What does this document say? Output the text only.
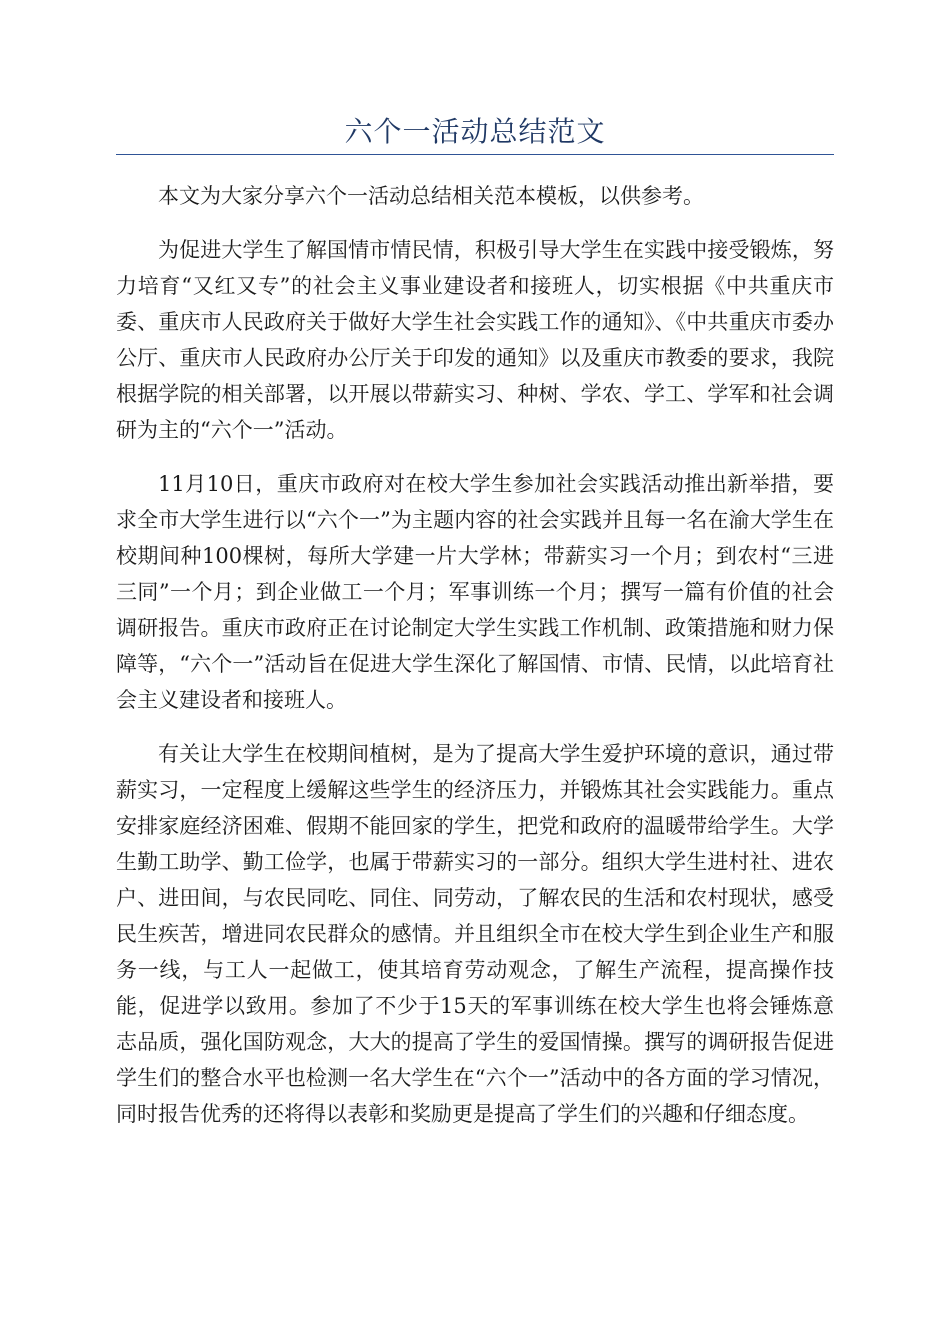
六个一活动总结范文

本文为大家分享六个一活动总结相关范本模板，以供参考。

为促进大学生了解国情市情民情，积极引导大学生在实践中接受锻炼，努力培育“又红又专”的社会主义事业建设者和接班人，切实根据《中共重庆市委、重庆市人民政府关于做好大学生社会实践工作的通知》、《中共重庆市委办公厅、重庆市人民政府办公厅关于印发的通知》以及重庆市教委的要求，我院根据学院的相关部署，以开展以带薪实习、种树、学农、学工、学军和社会调研为主的“六个一”活动。

11月10日，重庆市政府对在校大学生参加社会实践活动推出新举措，要求全市大学生进行以“六个一”为主题内容的社会实践并且每一名在渝大学生在校期间种100棵树，每所大学建一片大学林；带薪实习一个月；到农村“三进三同”一个月；到企业做工一个月；军事训练一个月；撰写一篇有价值的社会调研报告。重庆市政府正在讨论制定大学生实践工作机制、政策措施和财力保障等，“六个一”活动旨在促进大学生深化了解国情、市情、民情，以此培育社会主义建设者和接班人。

有关让大学生在校期间植树，是为了提高大学生爱护环境的意识，通过带薪实习，一定程度上缓解这些学生的经济压力，并锻炼其社会实践能力。重点安排家庭经济困难、假期不能回家的学生，把党和政府的温暖带给学生。大学生勤工助学、勤工俭学，也属于带薪实习的一部分。组织大学生进村社、进农户、进田间，与农民同吃、同住、同劳动，了解农民的生活和农村现状，感受民生疾苦，增进同农民群众的感情。并且组织全市在校大学生到企业生产和服务一线，与工人一起做工，使其培育劳动观念，了解生产流程，提高操作技能，促进学以致用。参加了不少于15天的军事训练在校大学生也将会锤炼意志品质，强化国防观念，大大的提高了学生的爱国情操。撰写的调研报告促进学生们的整合水平也检测一名大学生在“六个一”活动中的各方面的学习情况，同时报告优秀的还将得以表彰和奖励更是提高了学生们的兴趣和仔细态度。
